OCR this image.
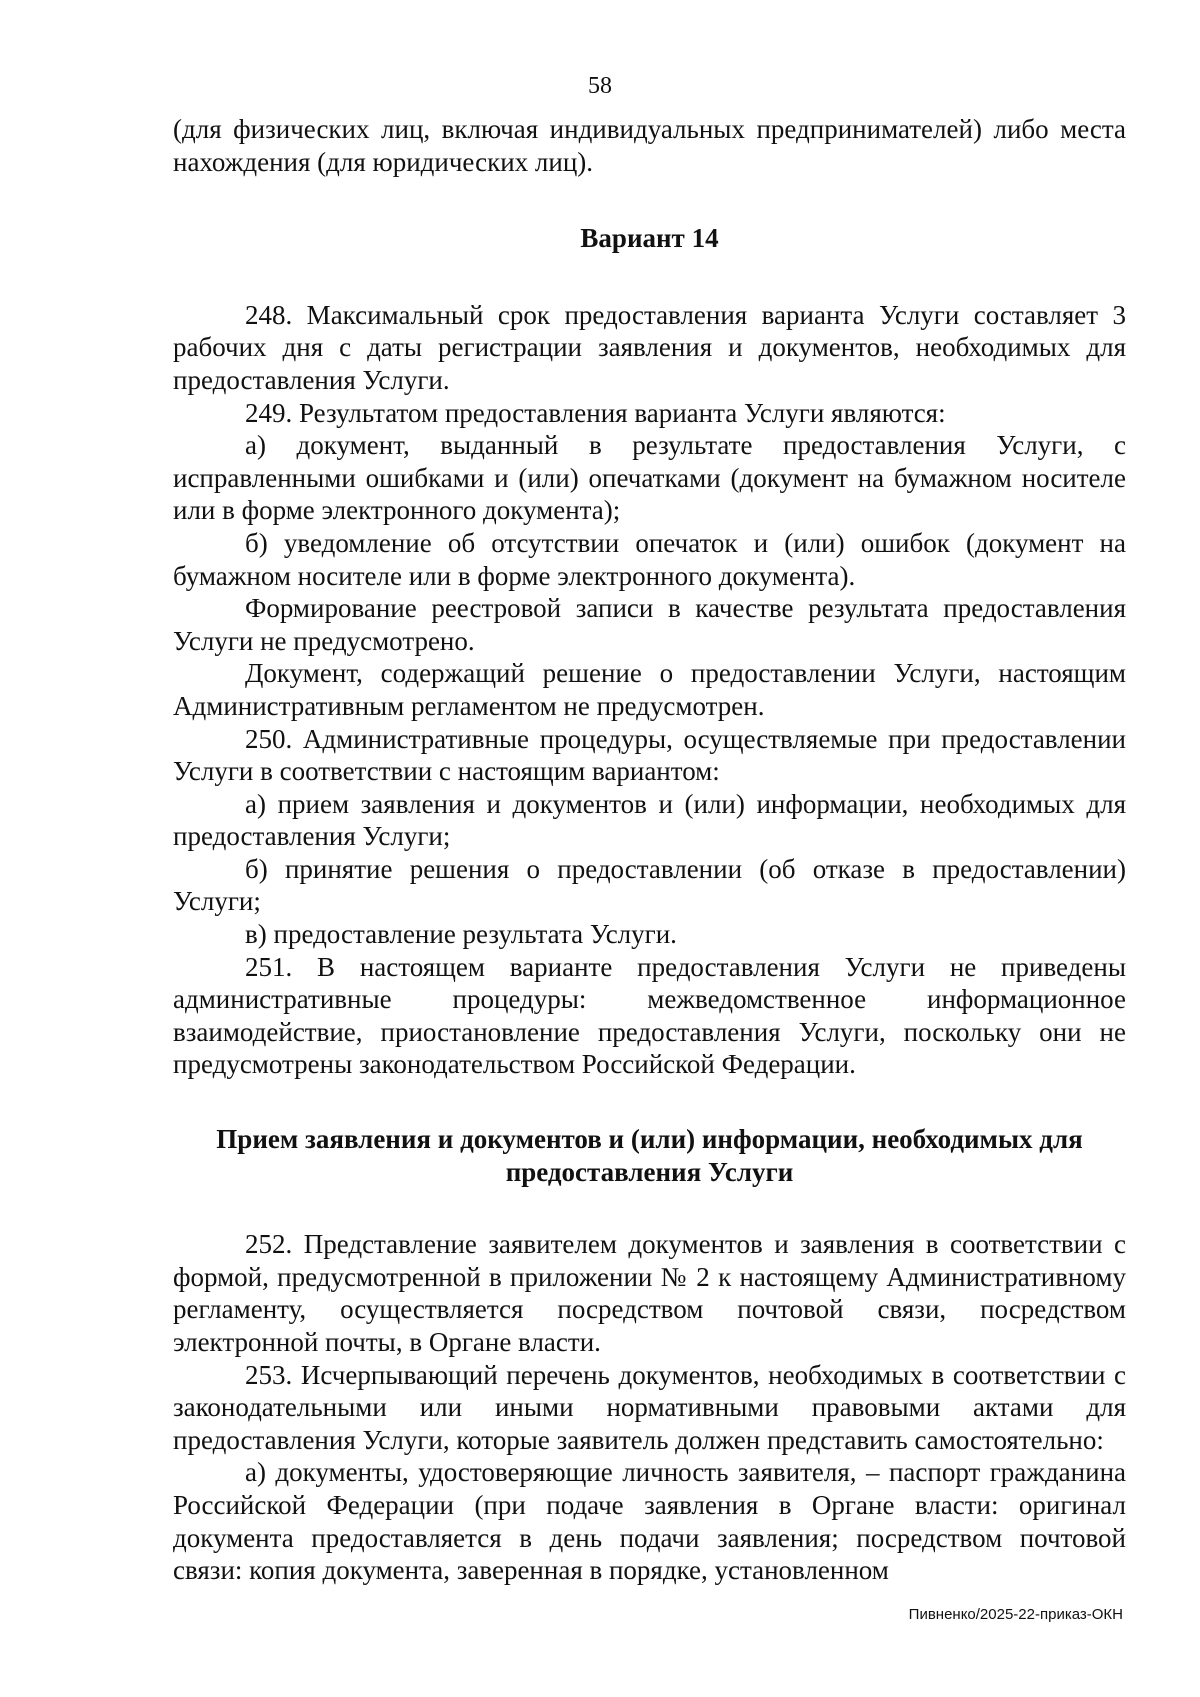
58

(для физических лиц, включая индивидуальных предпринимателей) либо места нахождения (для юридических лиц).

Вариант 14

248. Максимальный срок предоставления варианта Услуги составляет 3 рабочих дня с даты регистрации заявления и документов, необходимых для предоставления Услуги.

249. Результатом предоставления варианта Услуги являются:

а) документ, выданный в результате предоставления Услуги, с исправленными ошибками и (или) опечатками (документ на бумажном носителе или в форме электронного документа);

б) уведомление об отсутствии опечаток и (или) ошибок (документ на бумажном носителе или в форме электронного документа).

Формирование реестровой записи в качестве результата предоставления Услуги не предусмотрено.

Документ, содержащий решение о предоставлении Услуги, настоящим Административным регламентом не предусмотрен.

250. Административные процедуры, осуществляемые при предоставлении Услуги в соответствии с настоящим вариантом:

а) прием заявления и документов и (или) информации, необходимых для предоставления Услуги;

б) принятие решения о предоставлении (об отказе в предоставлении) Услуги;

в) предоставление результата Услуги.

251. В настоящем варианте предоставления Услуги не приведены административные процедуры: межведомственное информационное взаимодействие, приостановление предоставления Услуги, поскольку они не предусмотрены законодательством Российской Федерации.

Прием заявления и документов и (или) информации, необходимых для
предоставления Услуги

252. Представление заявителем документов и заявления в соответствии с формой, предусмотренной в приложении № 2 к настоящему Административному регламенту, осуществляется посредством почтовой связи, посредством электронной почты, в Органе власти.

253. Исчерпывающий перечень документов, необходимых в соответствии с законодательными или иными нормативными правовыми актами для предоставления Услуги, которые заявитель должен представить самостоятельно:

а) документы, удостоверяющие личность заявителя, – паспорт гражданина Российской Федерации (при подаче заявления в Органе власти: оригинал документа предоставляется в день подачи заявления; посредством почтовой связи: копия документа, заверенная в порядке, установленном

Пивненко/2025-22-приказ-ОКН
